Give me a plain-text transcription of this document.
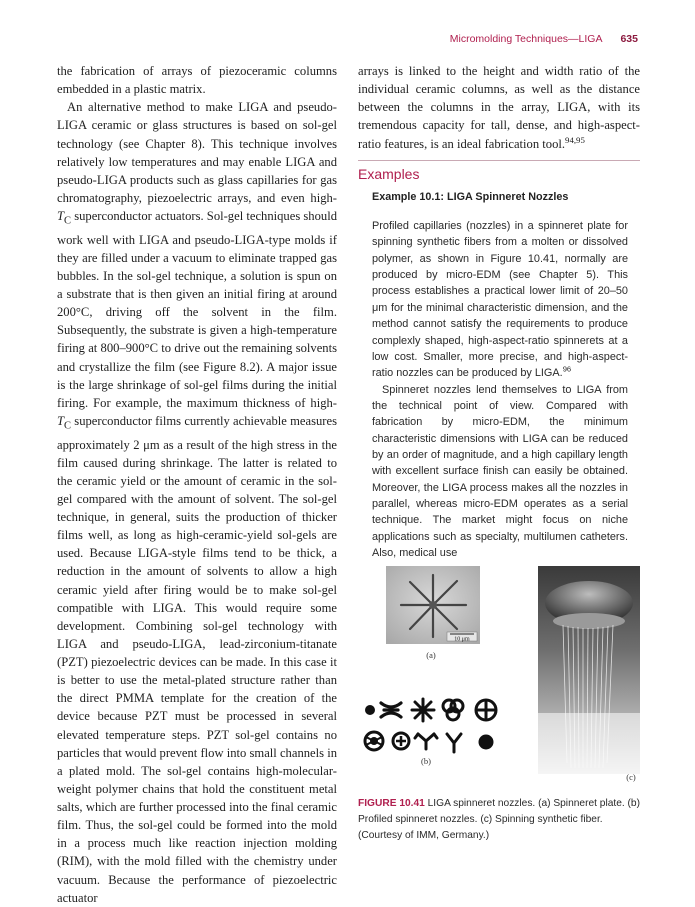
Micromolding Techniques—LIGA 635

the fabrication of arrays of piezoceramic columns embedded in a plastic matrix.

An alternative method to make LIGA and pseudo-LIGA ceramic or glass structures is based on sol-gel technology (see Chapter 8). This technique involves relatively low temperatures and may enable LIGA and pseudo-LIGA products such as glass capillaries for gas chromatography, piezoelectric arrays, and even high-$T_C$ superconductor actuators. Sol-gel techniques should work well with LIGA and pseudo-LIGA-type molds if they are filled under a vacuum to eliminate trapped gas bubbles. In the sol-gel technique, a solution is spun on a substrate that is then given an initial firing at around 200°C, driving off the solvent in the film. Subsequently, the substrate is given a high-temperature firing at 800–900°C to drive out the remaining solvents and crystallize the film (see Figure 8.2). A major issue is the large shrinkage of sol-gel films during the initial firing. For example, the maximum thickness of high-$T_C$ superconductor films currently achievable measures approximately 2 μm as a result of the high stress in the film caused during shrinkage. The latter is related to the ceramic yield or the amount of ceramic in the sol-gel compared with the amount of solvent. The sol-gel technique, in general, suits the production of thicker films well, as long as high-ceramic-yield sol-gels are used. Because LIGA-style films tend to be thick, a reduction in the amount of solvents to allow a high ceramic yield after firing would be to make sol-gel compatible with LIGA. This would require some development. Combining sol-gel technology with LIGA and pseudo-LIGA, lead-zirconium-titanate (PZT) piezoelectric devices can be made. In this case it is better to use the metal-plated structure rather than the direct PMMA template for the creation of the device because PZT must be processed in several elevated temperature steps. PZT sol-gel contains no particles that would prevent flow into small channels in a plated mold. The sol-gel contains high-molecular-weight polymer chains that hold the constituent metal salts, which are further processed into the final ceramic film. Thus, the sol-gel could be formed into the mold in a process much like reaction injection molding (RIM), with the mold filled with the chemistry under vacuum. Because the performance of piezoelectric actuator

arrays is linked to the height and width ratio of the individual ceramic columns, as well as the distance between the columns in the array, LIGA, with its tremendous capacity for tall, dense, and high-aspect-ratio features, is an ideal fabrication tool.$^{94,95}$

Examples
Example 10.1: LIGA Spinneret Nozzles

Profiled capillaries (nozzles) in a spinneret plate for spinning synthetic fibers from a molten or dissolved polymer, as shown in Figure 10.41, normally are produced by micro-EDM (see Chapter 5). This process establishes a practical lower limit of 20–50 μm for the minimal characteristic dimension, and the method cannot satisfy the requirements to produce complexly shaped, high-aspect-ratio spinnerets at a low cost. Smaller, more precise, and high-aspect-ratio nozzles can be produced by LIGA.$^{96}$

Spinneret nozzles lend themselves to LIGA from the technical point of view. Compared with fabrication by micro-EDM, the minimum characteristic dimensions with LIGA can be reduced by an order of magnitude, and a high capillary length with excellent surface finish can easily be obtained. Moreover, the LIGA process makes all the nozzles in parallel, whereas micro-EDM operates as a serial technique. The market might focus on niche applications such as specialty, multilumen catheters. Also, medical use

10 μm
(a)
(b)
(c)
FIGURE 10.41 LIGA spinneret nozzles. (a) Spinneret plate. (b) Profiled spinneret nozzles. (c) Spinning synthetic fiber. (Courtesy of IMM, Germany.)
